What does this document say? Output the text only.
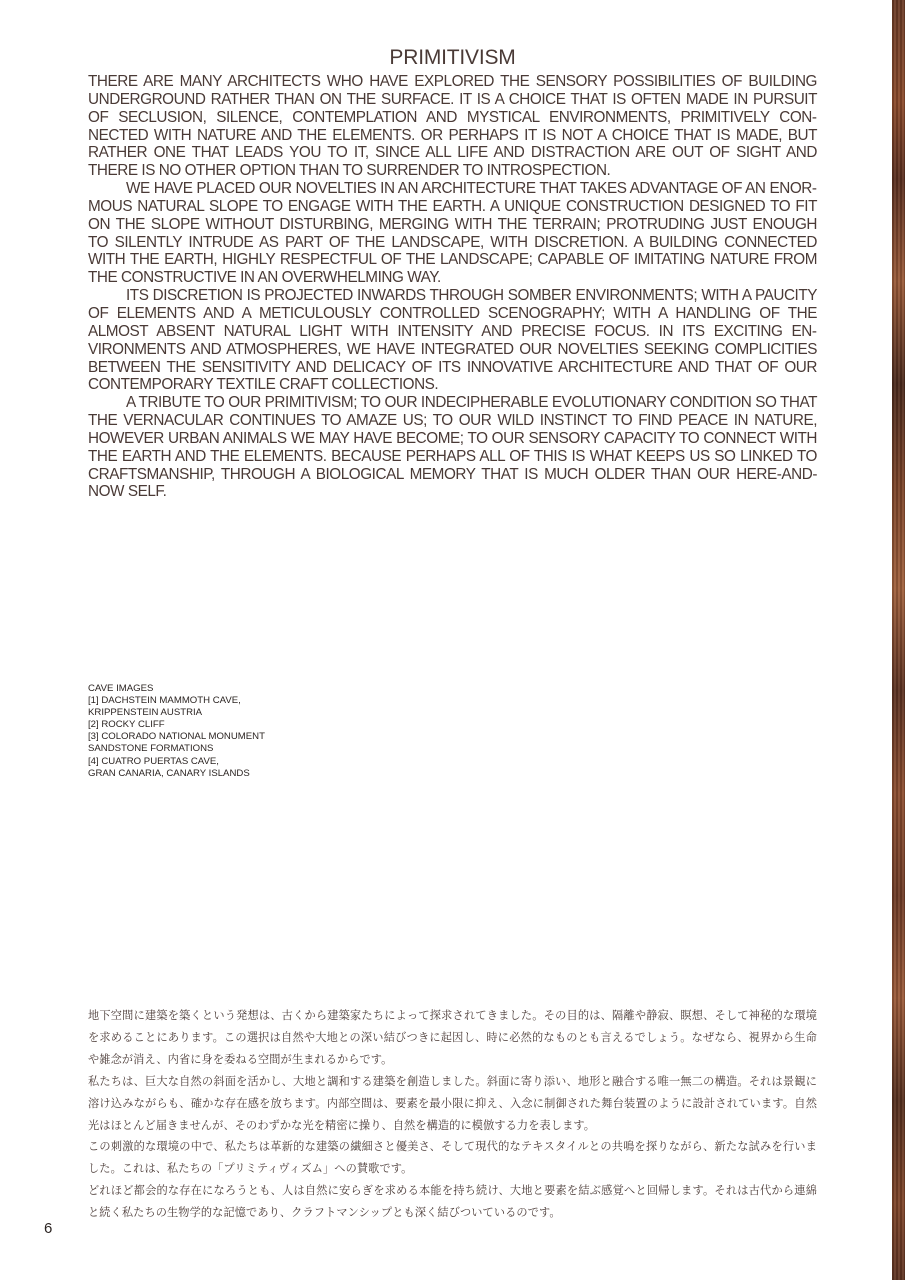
PRIMITIVISM

THERE ARE MANY ARCHITECTS WHO HAVE EXPLORED THE SENSORY POSSIBILITIES OF BUILDING UNDERGROUND RATHER THAN ON THE SURFACE. IT IS A CHOICE THAT IS OFTEN MADE IN PURSUIT OF SECLUSION, SILENCE, CONTEMPLATION AND MYSTICAL ENVIRONMENTS, PRIMITIVELY CONNECTED WITH NATURE AND THE ELEMENTS. OR PERHAPS IT IS NOT A CHOICE THAT IS MADE, BUT RATHER ONE THAT LEADS YOU TO IT, SINCE ALL LIFE AND DISTRACTION ARE OUT OF SIGHT AND THERE IS NO OTHER OPTION THAN TO SURRENDER TO INTROSPECTION.

WE HAVE PLACED OUR NOVELTIES IN AN ARCHITECTURE THAT TAKES ADVANTAGE OF AN ENORMOUS NATURAL SLOPE TO ENGAGE WITH THE EARTH. A UNIQUE CONSTRUCTION DESIGNED TO FIT ON THE SLOPE WITHOUT DISTURBING, MERGING WITH THE TERRAIN; PROTRUDING JUST ENOUGH TO SILENTLY INTRUDE AS PART OF THE LANDSCAPE, WITH DISCRETION. A BUILDING CONNECTED WITH THE EARTH, HIGHLY RESPECTFUL OF THE LANDSCAPE; CAPABLE OF IMITATING NATURE FROM THE CONSTRUCTIVE IN AN OVERWHELMING WAY.

ITS DISCRETION IS PROJECTED INWARDS THROUGH SOMBER ENVIRONMENTS; WITH A PAUCITY OF ELEMENTS AND A METICULOUSLY CONTROLLED SCENOGRAPHY; WITH A HANDLING OF THE ALMOST ABSENT NATURAL LIGHT WITH INTENSITY AND PRECISE FOCUS. IN ITS EXCITING ENVIRONMENTS AND ATMOSPHERES, WE HAVE INTEGRATED OUR NOVELTIES SEEKING COMPLICITIES BETWEEN THE SENSITIVITY AND DELICACY OF ITS INNOVATIVE ARCHITECTURE AND THAT OF OUR CONTEMPORARY TEXTILE CRAFT COLLECTIONS.

A TRIBUTE TO OUR PRIMITIVISM; TO OUR INDECIPHERABLE EVOLUTIONARY CONDITION SO THAT THE VERNACULAR CONTINUES TO AMAZE US; TO OUR WILD INSTINCT TO FIND PEACE IN NATURE, HOWEVER URBAN ANIMALS WE MAY HAVE BECOME; TO OUR SENSORY CAPACITY TO CONNECT WITH THE EARTH AND THE ELEMENTS. BECAUSE PERHAPS ALL OF THIS IS WHAT KEEPS US SO LINKED TO CRAFTSMANSHIP, THROUGH A BIOLOGICAL MEMORY THAT IS MUCH OLDER THAN OUR HERE-AND-NOW SELF.

CAVE IMAGES
[1] DACHSTEIN MAMMOTH CAVE,
KRIPPENSTEIN AUSTRIA
[2] ROCKY CLIFF
[3] COLORADO NATIONAL MONUMENT
SANDSTONE FORMATIONS
[4] CUATRO PUERTAS CAVE,
GRAN CANARIA, CANARY ISLANDS

地下空間に建築を築くという発想は、古くから建築家たちによって探求されてきました。その目的は、隔離や静寂、瞑想、そして神秘的な環境を求めることにあります。この選択は自然や大地との深い結びつきに起因し、時に必然的なものとも言えるでしょう。なぜなら、視界から生命や雑念が消え、内省に身を委ねる空間が生まれるからです。

私たちは、巨大な自然の斜面を活かし、大地と調和する建築を創造しました。斜面に寄り添い、地形と融合する唯一無二の構造。それは景観に溶け込みながらも、確かな存在感を放ちます。内部空間は、要素を最小限に抑え、入念に制御された舞台装置のように設計されています。自然光はほとんど届きませんが、そのわずかな光を精密に操り、自然を構造的に模倣する力を表します。

この刺激的な環境の中で、私たちは革新的な建築の繊細さと優美さ、そして現代的なテキスタイルとの共鳴を探りながら、新たな試みを行いました。これは、私たちの「プリミティヴィズム」への賛歌です。

どれほど都会的な存在になろうとも、人は自然に安らぎを求める本能を持ち続け、大地と要素を結ぶ感覚へと回帰します。それは古代から連綿と続く私たちの生物学的な記憶であり、クラフトマンシップとも深く結びついているのです。

6
